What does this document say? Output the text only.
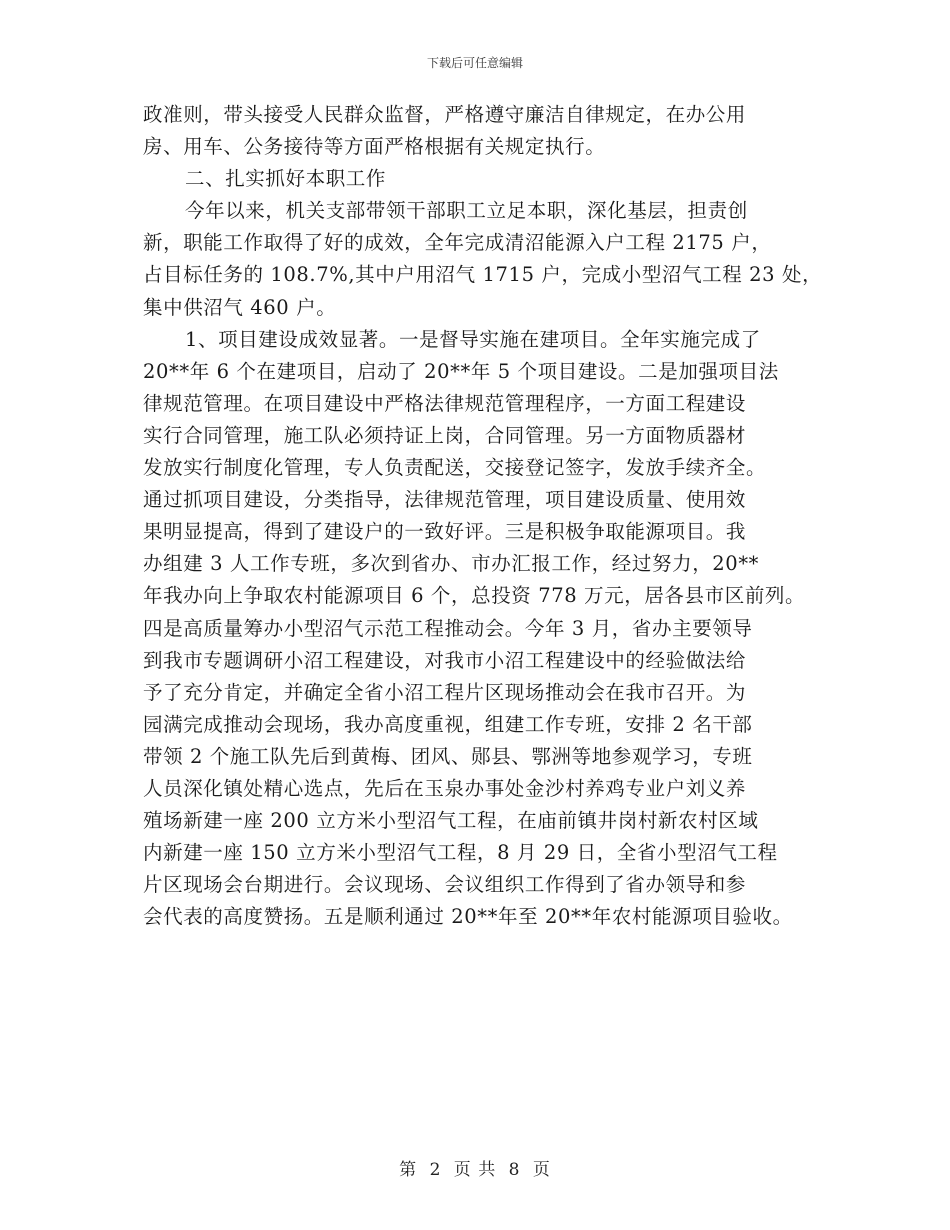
下载后可任意编辑
政准则，带头接受人民群众监督，严格遵守廉洁自律规定，在办公用
房、用车、公务接待等方面严格根据有关规定执行。
二、扎实抓好本职工作
今年以来，机关支部带领干部职工立足本职，深化基层，担责创
新，职能工作取得了好的成效，全年完成清沼能源入户工程 2175 户，
占目标任务的 108.7%,其中户用沼气 1715 户，完成小型沼气工程 23 处，
集中供沼气 460 户。
1、项目建设成效显著。一是督导实施在建项目。全年实施完成了
20**年 6 个在建项目，启动了 20**年 5 个项目建设。二是加强项目法
律规范管理。在项目建设中严格法律规范管理程序，一方面工程建设
实行合同管理，施工队必须持证上岗，合同管理。另一方面物质器材
发放实行制度化管理，专人负责配送，交接登记签字，发放手续齐全。
通过抓项目建设，分类指导，法律规范管理，项目建设质量、使用效
果明显提高，得到了建设户的一致好评。三是积极争取能源项目。我
办组建 3 人工作专班，多次到省办、市办汇报工作，经过努力，20**
年我办向上争取农村能源项目 6 个，总投资 778 万元，居各县市区前列。
四是高质量筹办小型沼气示范工程推动会。今年 3 月，省办主要领导
到我市专题调研小沼工程建设，对我市小沼工程建设中的经验做法给
予了充分肯定，并确定全省小沼工程片区现场推动会在我市召开。为
园满完成推动会现场，我办高度重视，组建工作专班，安排 2 名干部
带领 2 个施工队先后到黄梅、团风、郧县、鄂洲等地参观学习，专班
人员深化镇处精心选点，先后在玉泉办事处金沙村养鸡专业户刘义养
殖场新建一座 200 立方米小型沼气工程，在庙前镇井岗村新农村区域
内新建一座 150 立方米小型沼气工程，8 月 29 日，全省小型沼气工程
片区现场会台期进行。会议现场、会议组织工作得到了省办领导和参
会代表的高度赞扬。五是顺利通过 20**年至 20**年农村能源项目验收。
第 2 页 共 8 页
